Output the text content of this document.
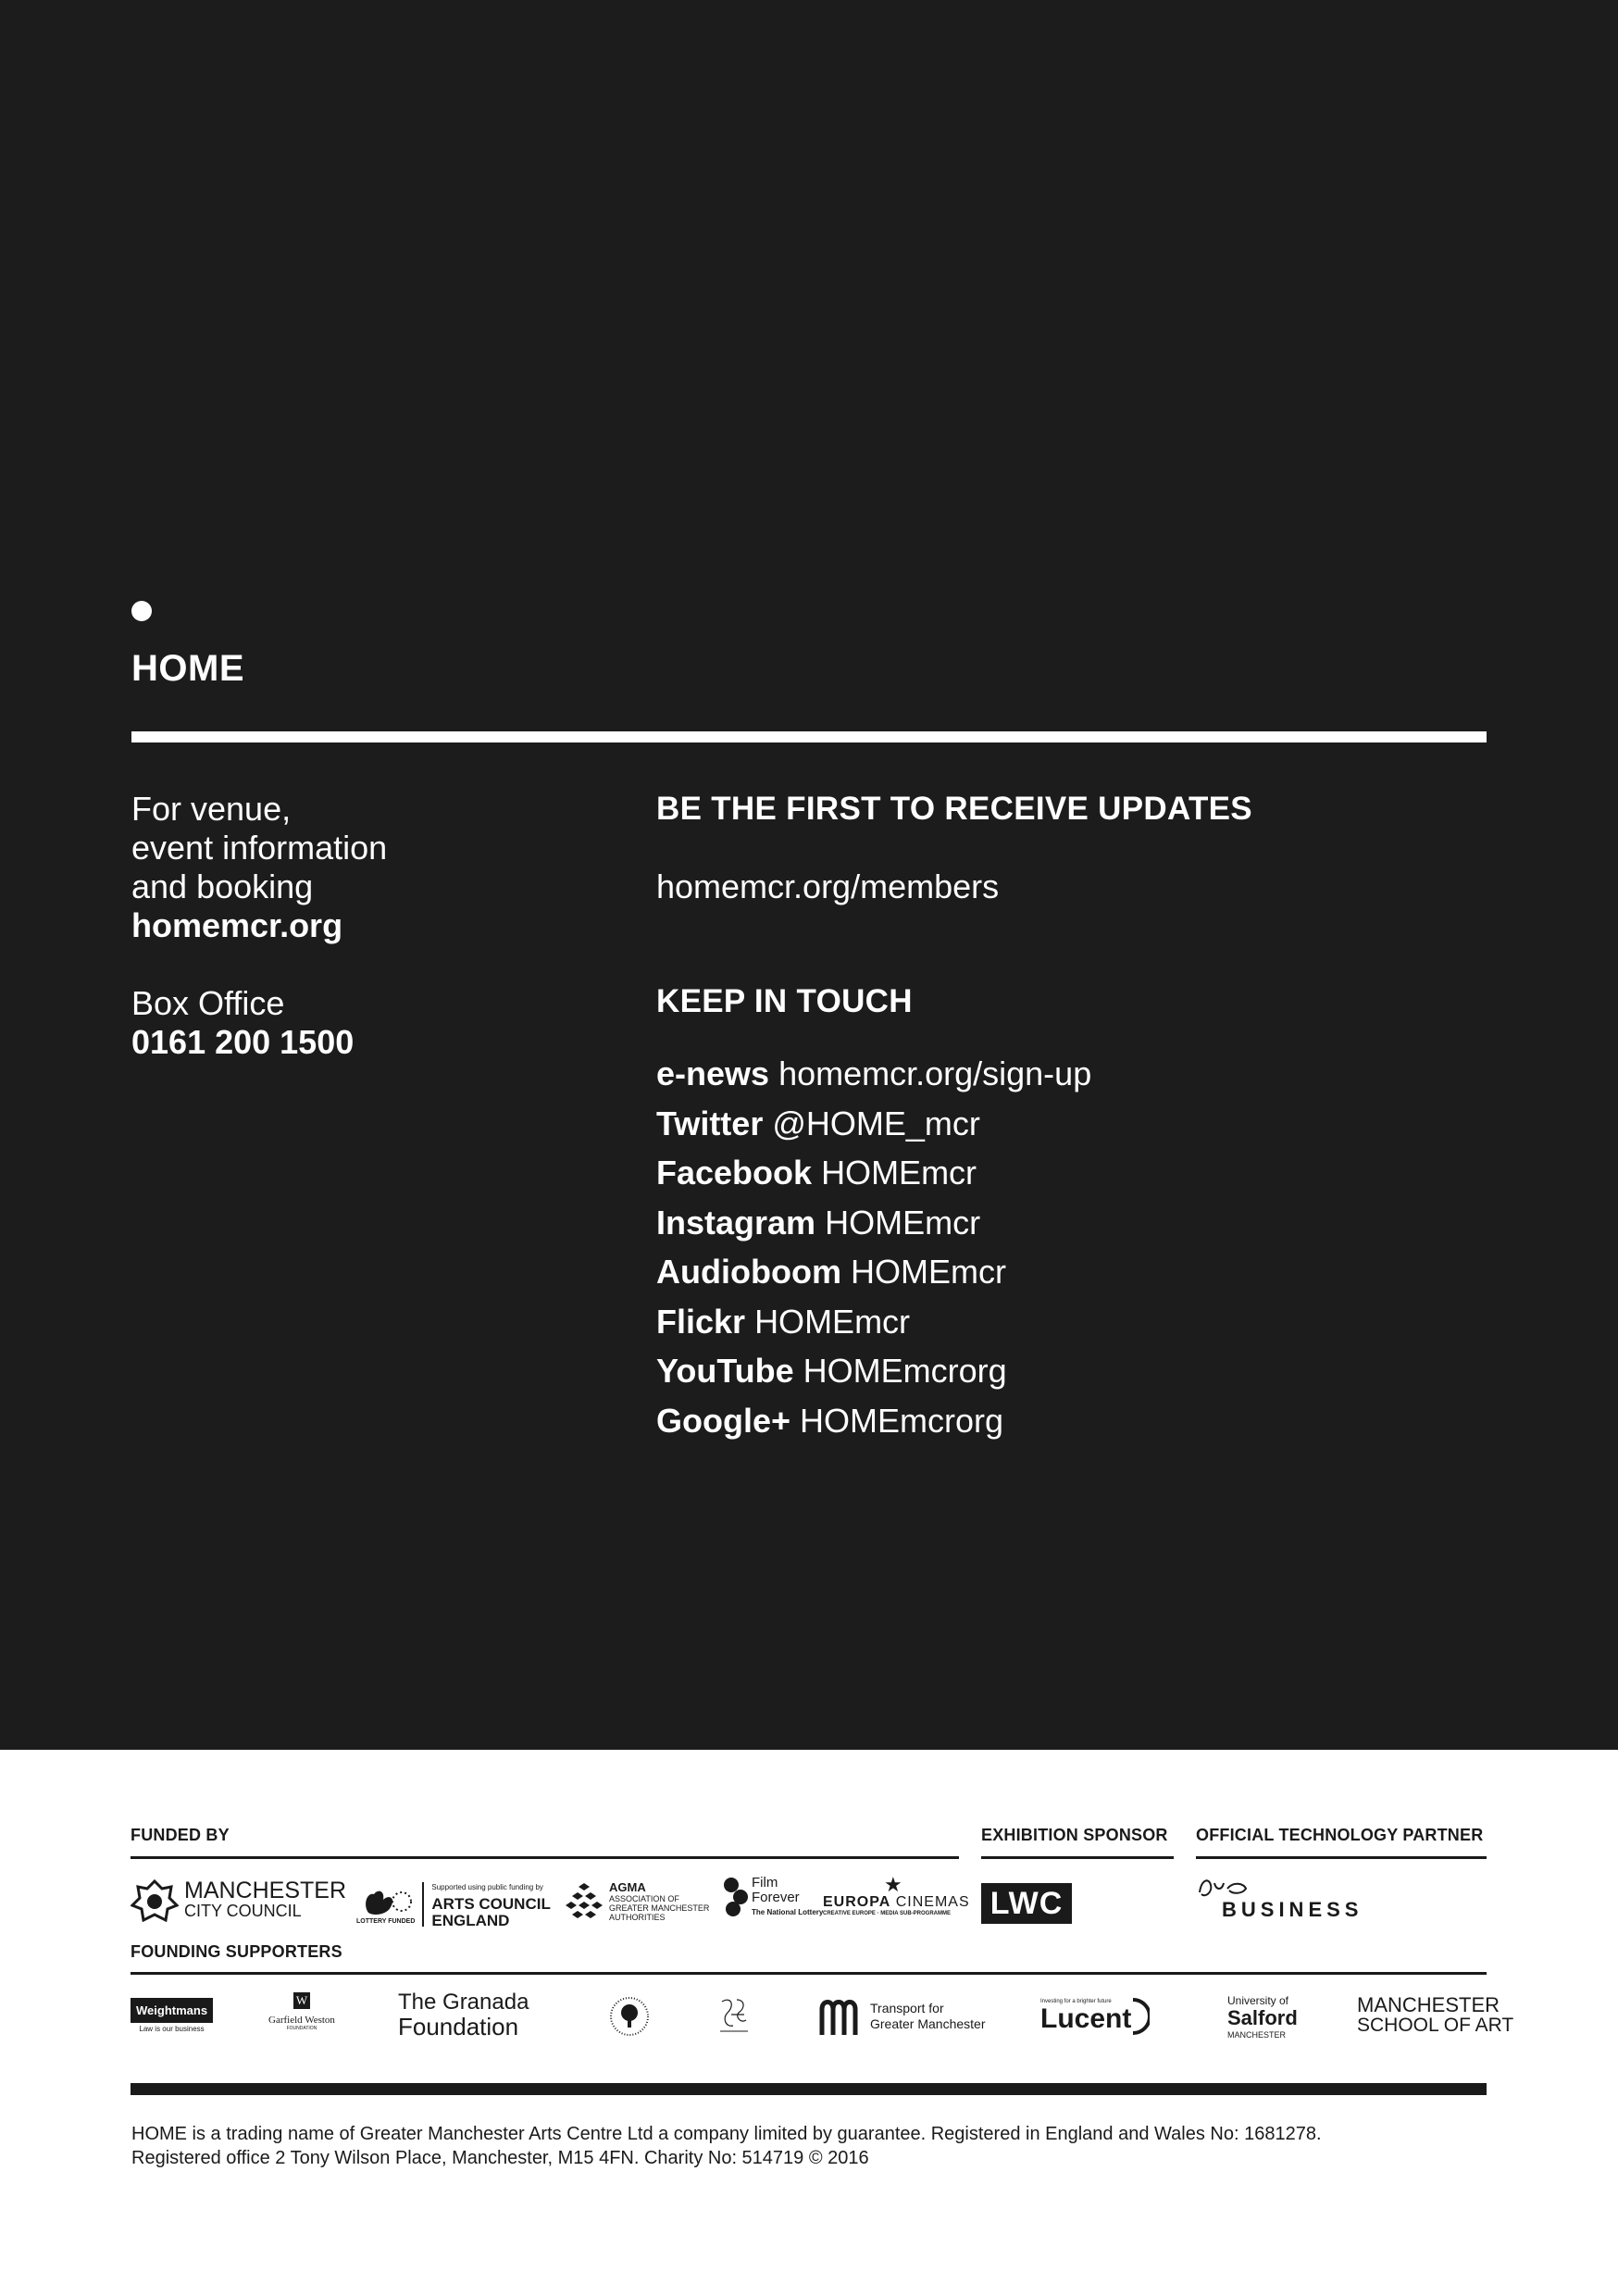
HOME
For venue,
event information
and booking
homemcr.org
Box Office
0161 200 1500
BE THE FIRST TO RECEIVE UPDATES
homemcr.org/members
KEEP IN TOUCH
e-news homemcr.org/sign-up
Twitter @HOME_mcr
Facebook HOMEmcr
Instagram HOMEmcr
Audioboom HOMEmcr
Flickr HOMEmcr
YouTube HOMEmcrorg
Google+ HOMEmcrorg
FUNDED BY	EXHIBITION SPONSOR OFFICIAL TECHNOLOGY PARTNER
MANCHESTER
CITY COUNCIL
LOTTERY FUNDED
Supported using public funding by
ARTS COUNCIL
ENGLAND
AGMA
ASSOCIATION OF
GREATER MANCHESTER
AUTHORITIES
Film
Forever
The National Lottery
★
EUROPA CINEMAS
CREATIVE EUROPE · MEDIA SUB-PROGRAMME LWC	BUSINESS
FOUNDING SUPPORTERS
Weightmans
Law is our business
W
Garfield Weston
FOUNDATION
The Granada
Foundation
Transport for
Greater Manchester
Investing for a brighter future
Lucent
University of
Salford
MANCHESTER
MANCHESTER
SCHOOL OF ART
HOME is a trading name of Greater Manchester Arts Centre Ltd a company limited by guarantee. Registered in England and Wales No: 1681278.
Registered office 2 Tony Wilson Place, Manchester, M15 4FN. Charity No: 514719 © 2016
